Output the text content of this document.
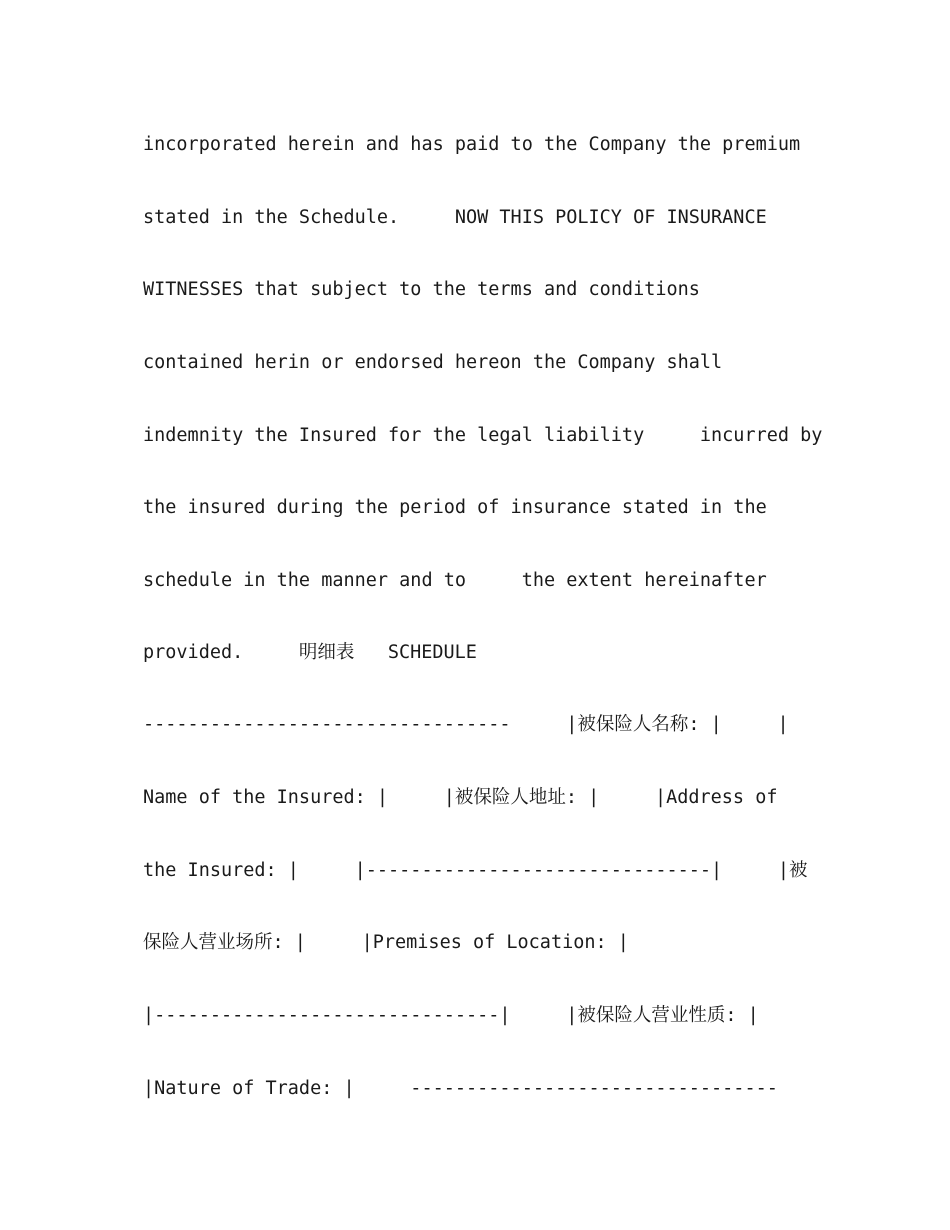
incorporated herein and has paid to the Company the premium

stated in the Schedule.     NOW THIS POLICY OF INSURANCE

WITNESSES that subject to the terms and conditions

contained herin or endorsed hereon the Company shall

indemnity the Insured for the legal liability     incurred by

the insured during the period of insurance stated in the

schedule in the manner and to     the extent hereinafter

provided.     明细表   SCHEDULE

---------------------------------     |被保险人名称: |     |

Name of the Insured: |     |被保险人地址: |     |Address of

the Insured: |     |-------------------------------|     |被

保险人营业场所: |     |Premises of Location: |

|-------------------------------|     |被保险人营业性质: |

|Nature of Trade: |     ---------------------------------
